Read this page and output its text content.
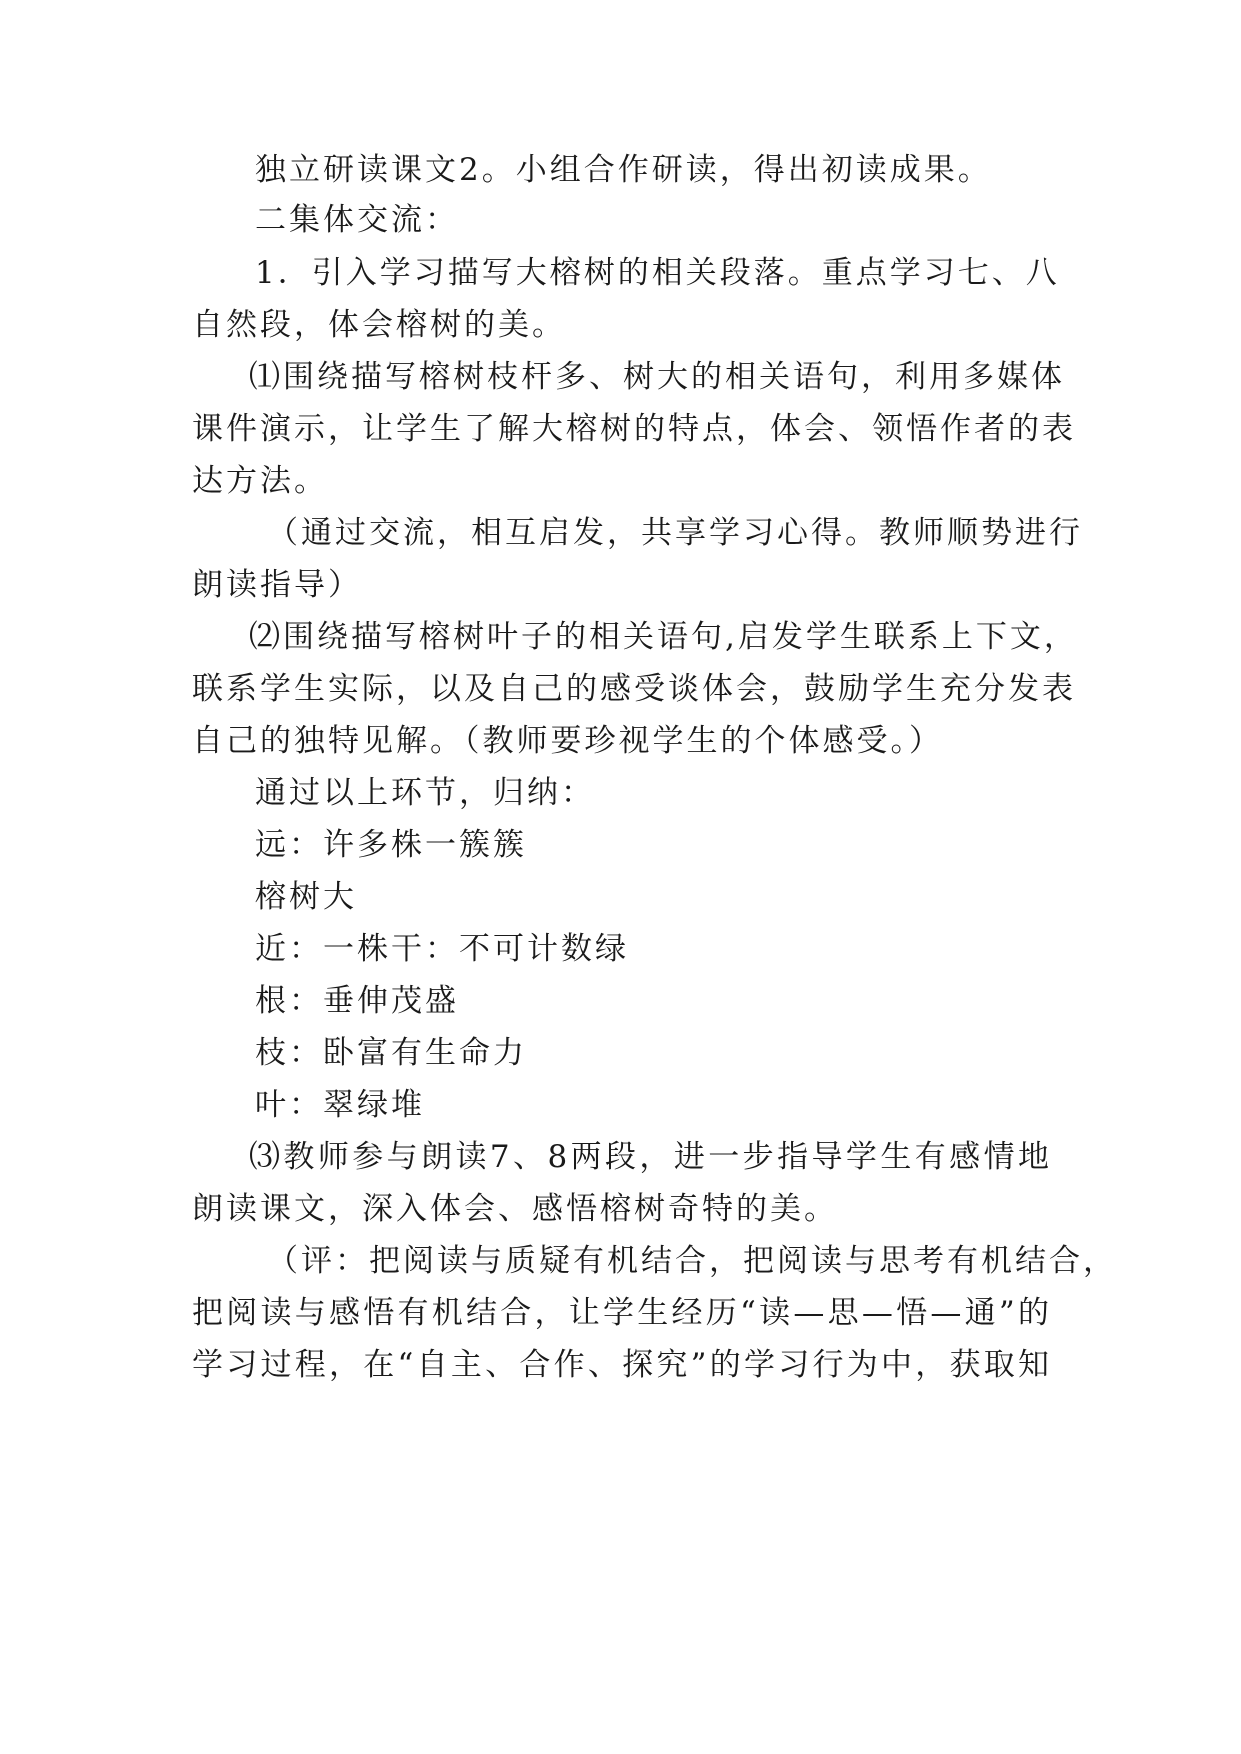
独立研读课文2。小组合作研读，得出初读成果。
二集体交流：
1．引入学习描写大榕树的相关段落。重点学习七、八
自然段，体会榕树的美。
⑴围绕描写榕树枝杆多、树大的相关语句，利用多媒体
课件演示，让学生了解大榕树的特点，体会、领悟作者的表
达方法。
（通过交流，相互启发，共享学习心得。教师顺势进行
朗读指导）
⑵围绕描写榕树叶子的相关语句,启发学生联系上下文，
联系学生实际，以及自己的感受谈体会，鼓励学生充分发表
自己的独特见解。（教师要珍视学生的个体感受。）
通过以上环节，归纳：
远：许多株一簇簇
榕树大
近：一株干：不可计数绿
根：垂伸茂盛
枝：卧富有生命力
叶：翠绿堆
⑶教师参与朗读7、8两段，进一步指导学生有感情地
朗读课文，深入体会、感悟榕树奇特的美。
（评：把阅读与质疑有机结合，把阅读与思考有机结合，
把阅读与感悟有机结合，让学生经历“读—思—悟—通”的
学习过程，在“自主、合作、探究”的学习行为中，获取知
